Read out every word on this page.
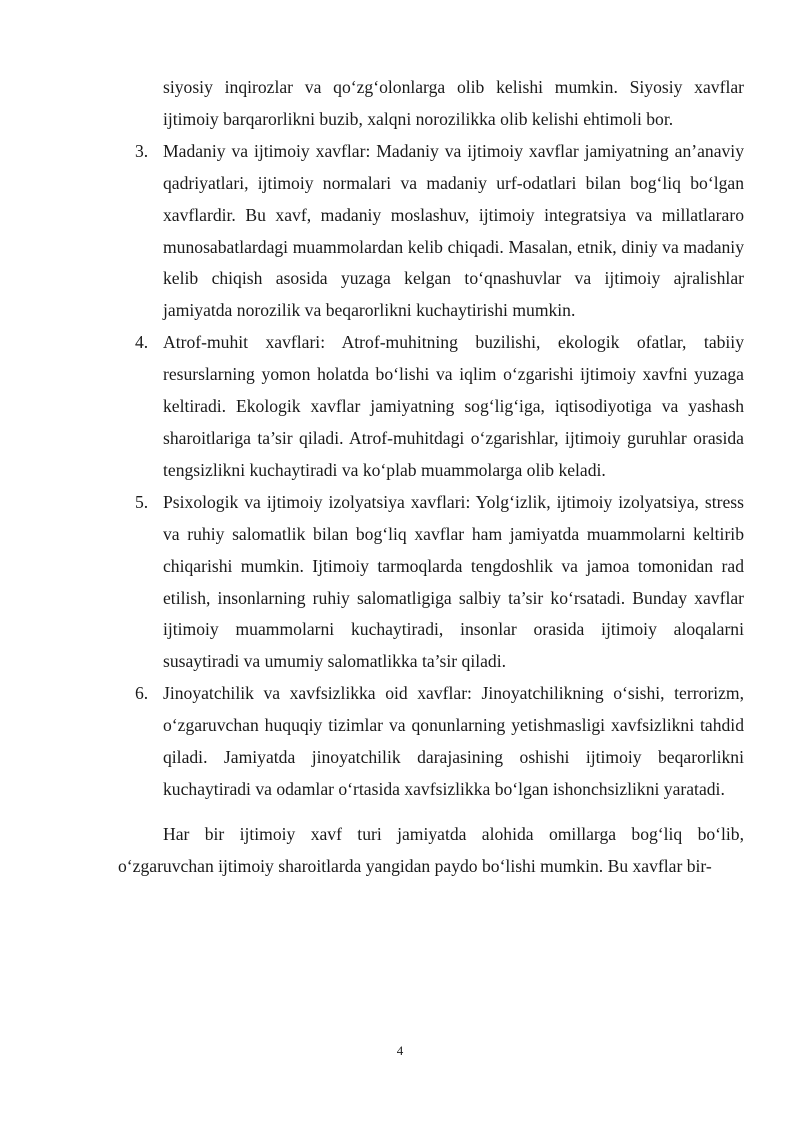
siyosiy inqirozlar va qo‘zg‘olonlarga olib kelishi mumkin. Siyosiy xavflar ijtimoiy barqarorlikni buzib, xalqni norozilikka olib kelishi ehtimoli bor.

3. Madaniy va ijtimoiy xavflar: Madaniy va ijtimoiy xavflar jamiyatning an’anaviy qadriyatlari, ijtimoiy normalari va madaniy urf-odatlari bilan bog‘liq bo‘lgan xavflardir. Bu xavf, madaniy moslashuv, ijtimoiy integratsiya va millatlararo munosabatlardagi muammolardan kelib chiqadi. Masalan, etnik, diniy va madaniy kelib chiqish asosida yuzaga kelgan to‘qnashuvlar va ijtimoiy ajralishlar jamiyatda norozilik va beqarorlikni kuchaytirishi mumkin.
4. Atrof-muhit xavflari: Atrof-muhitning buzilishi, ekologik ofatlar, tabiiy resurslarning yomon holatda bo‘lishi va iqlim o‘zgarishi ijtimoiy xavfni yuzaga keltiradi. Ekologik xavflar jamiyatning sog‘lig‘iga, iqtisodiyotiga va yashash sharoitlariga ta’sir qiladi. Atrof-muhitdagi o‘zgarishlar, ijtimoiy guruhlar orasida tengsizlikni kuchaytiradi va ko‘plab muammolarga olib keladi.
5. Psixologik va ijtimoiy izolyatsiya xavflari: Yolg‘izlik, ijtimoiy izolyatsiya, stress va ruhiy salomatlik bilan bog‘liq xavflar ham jamiyatda muammolarni keltirib chiqarishi mumkin. Ijtimoiy tarmoqlarda tengdoshlik va jamoa tomonidan rad etilish, insonlarning ruhiy salomatligiga salbiy ta’sir ko‘rsatadi. Bunday xavflar ijtimoiy muammolarni kuchaytiradi, insonlar orasida ijtimoiy aloqalarni susaytiradi va umumiy salomatlikka ta’sir qiladi.
6. Jinoyatchilik va xavfsizlikka oid xavflar: Jinoyatchilikning o‘sishi, terrorizm, o‘zgaruvchan huquqiy tizimlar va qonunlarning yetishmasligi xavfsizlikni tahdid qiladi. Jamiyatda jinoyatchilik darajasining oshishi ijtimoiy beqarorlikni kuchaytiradi va odamlar o‘rtasida xavfsizlikka bo‘lgan ishonchsizlikni yaratadi.

Har bir ijtimoiy xavf turi jamiyatda alohida omillarga bog‘liq bo‘lib, o‘zgaruvchan ijtimoiy sharoitlarda yangidan paydo bo‘lishi mumkin. Bu xavflar bir-

4
